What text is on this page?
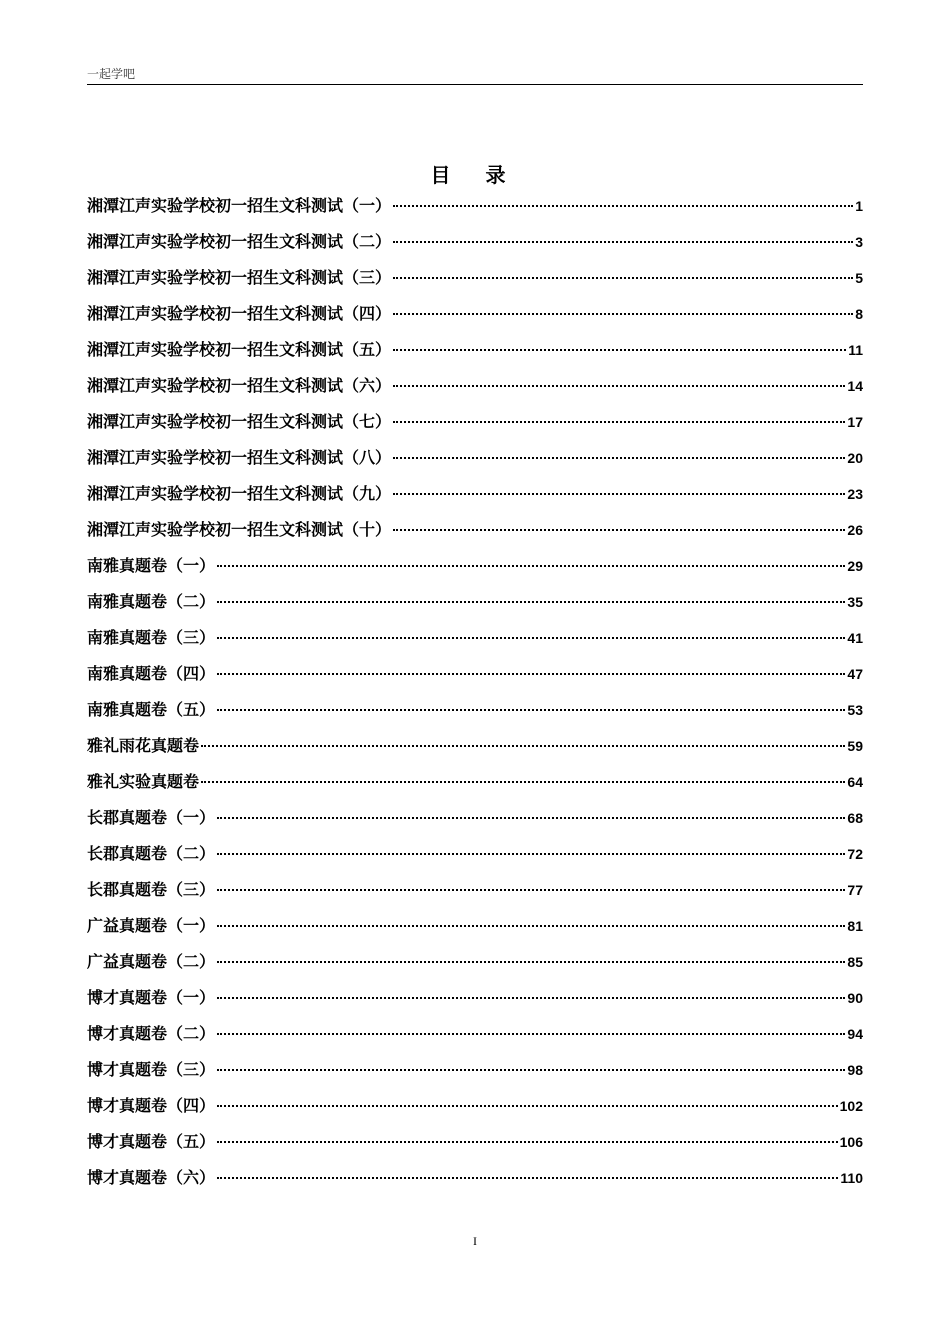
一起学吧
目 录
湘潭江声实验学校初一招生文科测试（一）	1
湘潭江声实验学校初一招生文科测试（二）	3
湘潭江声实验学校初一招生文科测试（三）	5
湘潭江声实验学校初一招生文科测试（四）	8
湘潭江声实验学校初一招生文科测试（五）	11
湘潭江声实验学校初一招生文科测试（六）	14
湘潭江声实验学校初一招生文科测试（七）	17
湘潭江声实验学校初一招生文科测试（八）	20
湘潭江声实验学校初一招生文科测试（九）	23
湘潭江声实验学校初一招生文科测试（十）	26
南雅真题卷（一）	29
南雅真题卷（二）	35
南雅真题卷（三）	41
南雅真题卷（四）	47
南雅真题卷（五）	53
雅礼雨花真题卷	59
雅礼实验真题卷	64
长郡真题卷（一）	68
长郡真题卷（二）	72
长郡真题卷（三）	77
广益真题卷（一）	81
广益真题卷（二）	85
博才真题卷（一）	90
博才真题卷（二）	94
博才真题卷（三）	98
博才真题卷（四）	102
博才真题卷（五）	106
博才真题卷（六）	110
I
